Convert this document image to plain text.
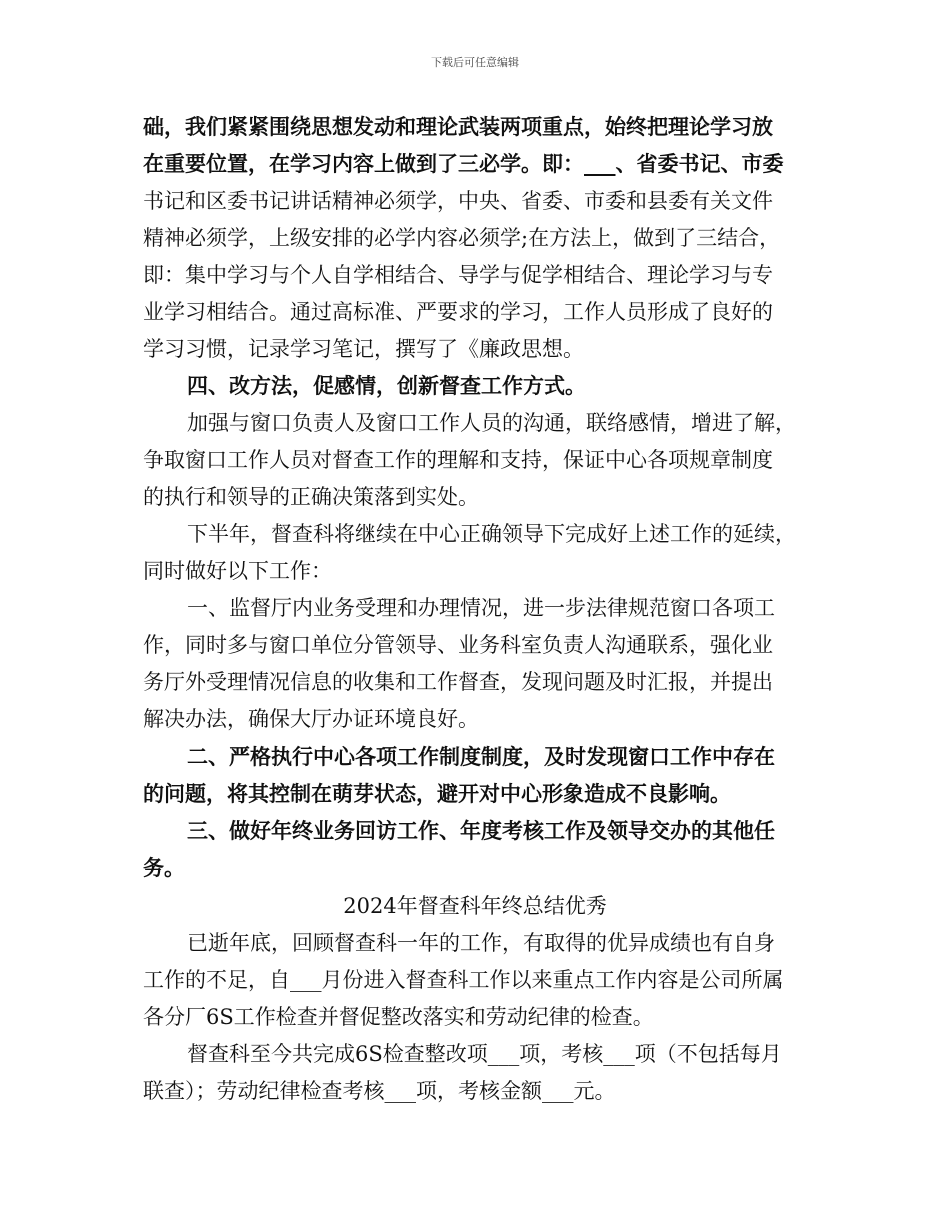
下载后可任意编辑
础，我们紧紧围绕思想发动和理论武装两项重点，始终把理论学习放
在重要位置，在学习内容上做到了三必学。即：___、省委书记、市委
书记和区委书记讲话精神必须学，中央、省委、市委和县委有关文件
精神必须学，上级安排的必学内容必须学;在方法上，做到了三结合，
即：集中学习与个人自学相结合、导学与促学相结合、理论学习与专
业学习相结合。通过高标准、严要求的学习，工作人员形成了良好的
学习习惯，记录学习笔记，撰写了《廉政思想。
四、改方法，促感情，创新督查工作方式。
加强与窗口负责人及窗口工作人员的沟通，联络感情，增进了解，
争取窗口工作人员对督查工作的理解和支持，保证中心各项规章制度
的执行和领导的正确决策落到实处。
下半年，督查科将继续在中心正确领导下完成好上述工作的延续，
同时做好以下工作：
一、监督厅内业务受理和办理情况，进一步法律规范窗口各项工
作，同时多与窗口单位分管领导、业务科室负责人沟通联系，强化业
务厅外受理情况信息的收集和工作督查，发现问题及时汇报，并提出
解决办法，确保大厅办证环境良好。
二、严格执行中心各项工作制度制度，及时发现窗口工作中存在
的问题，将其控制在萌芽状态，避开对中心形象造成不良影响。
三、做好年终业务回访工作、年度考核工作及领导交办的其他任
务。
2024年督查科年终总结优秀
已逝年底，回顾督查科一年的工作，有取得的优异成绩也有自身
工作的不足，自___月份进入督查科工作以来重点工作内容是公司所属
各分厂6S工作检查并督促整改落实和劳动纪律的检查。
督查科至今共完成6S检查整改项___项，考核___项（不包括每月
联查）；劳动纪律检查考核___项，考核金额___元。
